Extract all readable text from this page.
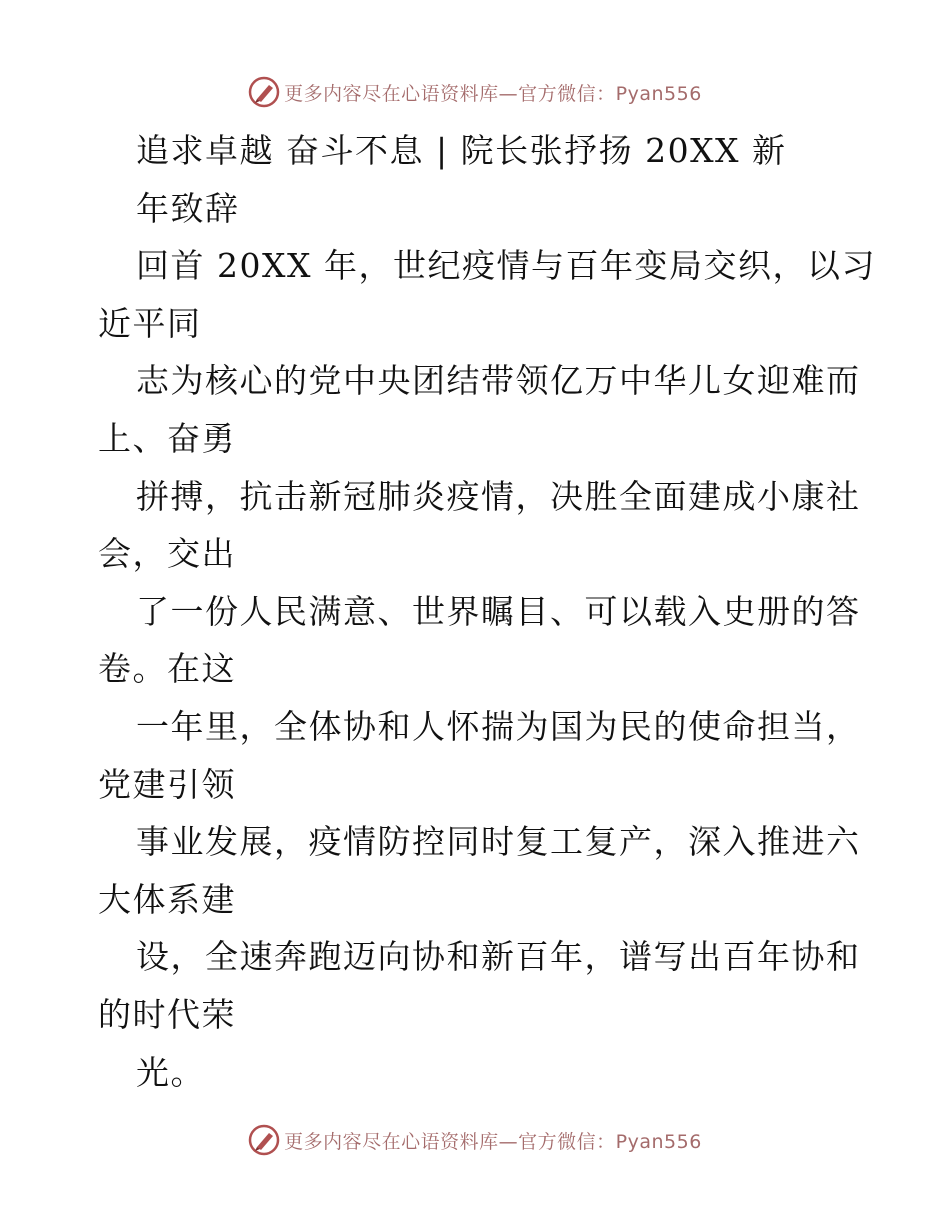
更多内容尽在心语资料库—官方微信：Pyan556
追求卓越 奋斗不息 | 院长张抒扬 20XX 新
年致辞
回首 20XX 年，世纪疫情与百年变局交织，以习
近平同
志为核心的党中央团结带领亿万中华儿女迎难而
上、奋勇
拼搏，抗击新冠肺炎疫情，决胜全面建成小康社
会，交出
了一份人民满意、世界瞩目、可以载入史册的答
卷。在这
一年里，全体协和人怀揣为国为民的使命担当，
党建引领
事业发展，疫情防控同时复工复产，深入推进六
大体系建
设，全速奔跑迈向协和新百年，谱写出百年协和
的时代荣
光。
更多内容尽在心语资料库—官方微信：Pyan556
